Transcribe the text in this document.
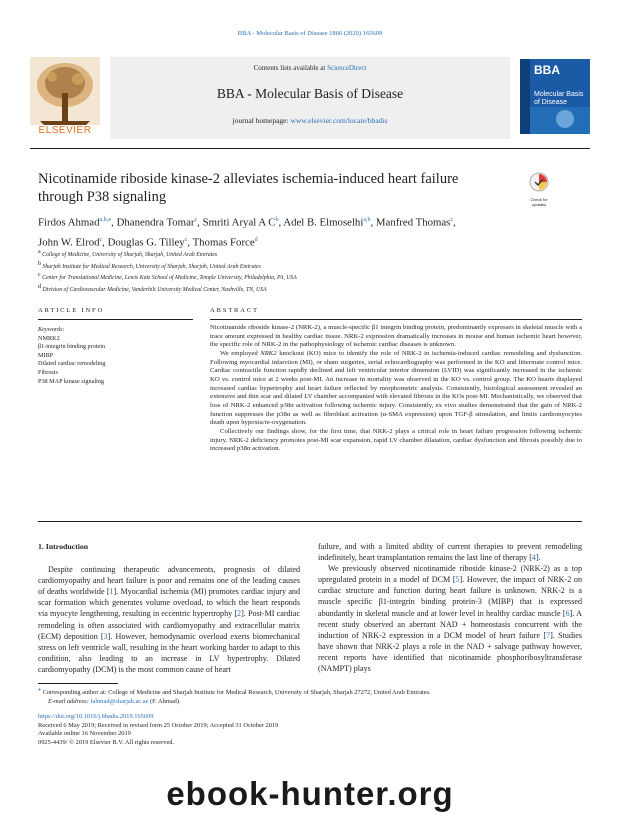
BBA - Molecular Basis of Disease 1866 (2020) 165609
ELSEVIER
Contents lists available at ScienceDirect
BBA - Molecular Basis of Disease
journal homepage: www.elsevier.com/locate/bbadis
BBA
Molecular Basis of Disease
Nicotinamide riboside kinase-2 alleviates ischemia-induced heart failure through P38 signaling	Check for
updates
Firdos Ahmad$^{a,b,⁎}$, Dhanendra Tomar$^c$, Smriti Aryal A $C^b$, Adel B. Elmoselhi$^{a,b}$, Manfred Thomas$^c$,
John W. Elrod$^c$, Douglas G. Tilley$^c$, Thomas Force$^d$
$^a$ College of Medicine, University of Sharjah, Sharjah, United Arab Emirates
$^b$ Sharjah Institute for Medical Research, University of Sharjah, Sharjah, United Arab Emirates
$^c$ Center for Translational Medicine, Lewis Katz School of Medicine, Temple University, Philadelphia, PA, USA
$^d$ Division of Cardiovascular Medicine, Vanderbilt University Medical Center, Nashville, TN, USA
ARTICLE INFO	ABSTRACT
Keywords:
NMRK2
β1-integrin binding protein
MIBP
Dilated cardiac remodeling
Fibrosis
P38 MAP kinase signaling

Nicotinamide riboside kinase-2 (NRK-2), a muscle-specific β1 integrin binding protein, predominantly expresses in skeletal muscle with a trace amount expressed in healthy cardiac tissue. NRK-2 expression dramatically increases in mouse and human ischemic heart however, the specific role of NRK-2 in the pathophysiology of ischemic cardiac diseases is unknown.

We employed NRK2 knockout (KO) mice to identify the role of NRK-2 in ischemia-induced cardiac remodeling and dysfunction. Following myocardial infarction (MI), or sham surgeries, serial echocardiography was performed in the KO and littermate control mice. Cardiac contractile function rapidly declined and left ventricular interior dimension (LVID) was significantly increased in the ischemic KO vs. control mice at 2 weeks post-MI. An increase in mortality was observed in the KO vs. control group. The KO hearts displayed increased cardiac hypertrophy and heart failure reflected by morphometric analysis. Consistently, histological assessment revealed an extensive and thin scar and dilated LV chamber accompanied with elevated fibrosis in the KOs post-MI. Mechanistically, we observed that loss of NRK-2 enhanced p38α activation following ischemic injury. Consistently, ex vivo studies demonstrated that the gain of NRK-2 function suppresses the p38α as well as fibroblast activation (α-SMA expression) upon TGF-β stimulation, and limits cardiomyocytes death upon hypoxia/re-oxygenation.

Collectively our findings show, for the first time, that NRK-2 plays a critical role in heart failure progression following ischemic injury. NRK-2 deficiency promotes post-MI scar expansion, rapid LV chamber dilatation, cardiac dysfunction and fibrosis possibly due to increased p38α activation.

1. Introduction

Despite continuing therapeutic advancements, prognosis of dilated cardiomyopathy and heart failure is poor and remains one of the leading causes of deaths worldwide [1]. Myocardial ischemia (MI) promotes cardiac injury and scar formation which generates volume overload, to which the heart responds via myocyte lengthening, resulting in eccentric hypertrophy [2]. Post-MI cardiac remodeling is often associated with cardiomyopathy and extracellular matrix (ECM) deposition [3]. However, hemodynamic overload exerts biomechanical stress on left ventricle wall, resulting in the heart working harder to adapt to this condition, also leading to an increase in LV hypertrophy. Dilated cardiomyopathy (DCM) is the most common cause of heart

failure, and with a limited ability of current therapies to prevent remodeling indefinitely, heart transplantation remains the last line of therapy [4].

We previously observed nicotinamide riboside kinase-2 (NRK-2) as a top upregulated protein in a model of DCM [5]. However, the impact of NRK-2 on cardiac structure and function during heart failure is unknown. NRK-2 is a muscle specific β1-integrin binding protein-3 (MIBP) that is expressed abundantly in skeletal muscle and at lower level in healthy cardiac muscle [6]. A recent study observed an aberrant NAD + homeostasis concurrent with the induction of NRK-2 expression in a DCM model of heart failure [7]. Studies have shown that NRK-2 plays a role in the NAD + salvage pathway however, recent reports have identified that nicotinamide phosphoribosyltransferase (NAMPT) plays

⁎ Corresponding author at: College of Medicine and Sharjah Institute for Medical Research, University of Sharjah, Sharjah 27272, United Arab Emirates.
E-mail address: fahmad@sharjah.ac.ae (F. Ahmad).
https://doi.org/10.1016/j.bbadis.2019.165609
Received 6 May 2019; Received in revised form 25 October 2019; Accepted 31 October 2019
Available online 16 November 2019
0925-4439/ © 2019 Elsevier B.V. All rights reserved.
ebook-hunter.org
